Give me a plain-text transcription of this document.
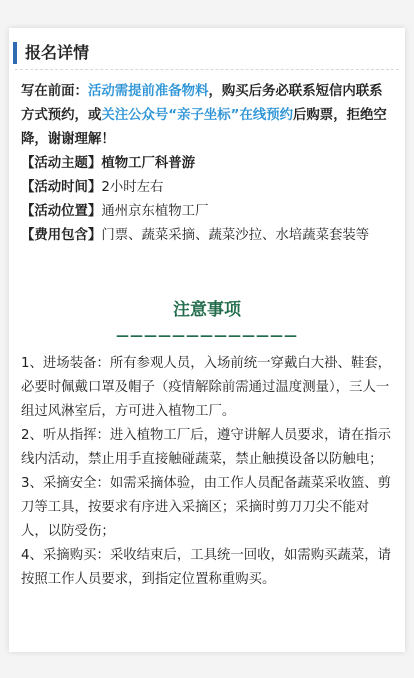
报名详情
写在前面：活动需提前准备物料，购买后务必联系短信内联系方式预约，或关注公众号“亲子坐标”在线预约后购票，拒绝空降，谢谢理解！
【活动主题】植物工厂科普游
【活动时间】2小时左右
【活动位置】通州京东植物工厂
【费用包含】门票、蔬菜采摘、蔬菜沙拉、水培蔬菜套装等
注意事项
—————————————

1、进场装备：所有参观人员，入场前统一穿戴白大褂、鞋套，必要时佩戴口罩及帽子（疫情解除前需通过温度测量），三人一组过风淋室后，方可进入植物工厂。

2、听从指挥：进入植物工厂后，遵守讲解人员要求，请在指示线内活动，禁止用手直接触碰蔬菜，禁止触摸设备以防触电；

3、采摘安全：如需采摘体验，由工作人员配备蔬菜采收篮、剪刀等工具，按要求有序进入采摘区；采摘时剪刀刀尖不能对人，以防受伤；

4、采摘购买：采收结束后，工具统一回收，如需购买蔬菜，请按照工作人员要求，到指定位置称重购买。
